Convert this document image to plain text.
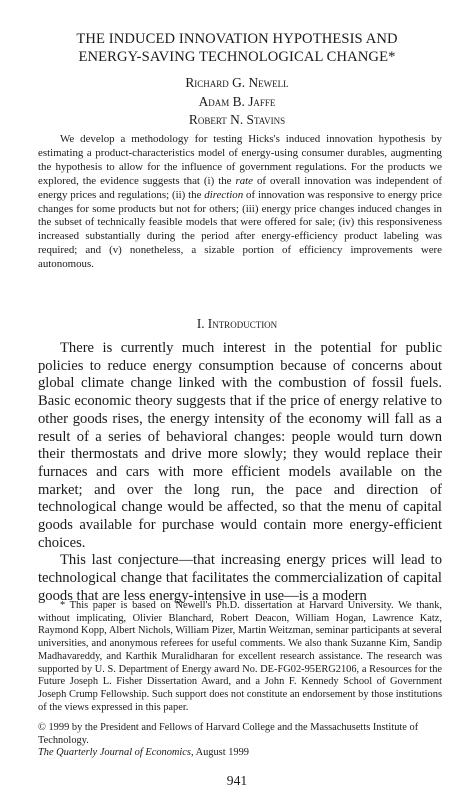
THE INDUCED INNOVATION HYPOTHESIS AND
ENERGY-SAVING TECHNOLOGICAL CHANGE*
Richard G. Newell
Adam B. Jaffe
Robert N. Stavins

We develop a methodology for testing Hicks's induced innovation hypothesis by estimating a product-characteristics model of energy-using consumer durables, augmenting the hypothesis to allow for the influence of government regulations. For the products we explored, the evidence suggests that (i) the rate of overall innovation was independent of energy prices and regulations; (ii) the direction of innovation was responsive to energy price changes for some products but not for others; (iii) energy price changes induced changes in the subset of technically feasible models that were offered for sale; (iv) this responsiveness increased substantially during the period after energy-efficiency product labeling was required; and (v) nonetheless, a sizable portion of efficiency improvements were autonomous.

I. Introduction

There is currently much interest in the potential for public policies to reduce energy consumption because of concerns about global climate change linked with the combustion of fossil fuels. Basic economic theory suggests that if the price of energy relative to other goods rises, the energy intensity of the economy will fall as a result of a series of behavioral changes: people would turn down their thermostats and drive more slowly; they would replace their furnaces and cars with more efficient models available on the market; and over the long run, the pace and direction of technological change would be affected, so that the menu of capital goods available for purchase would contain more energy-efficient choices.

This last conjecture—that increasing energy prices will lead to technological change that facilitates the commercialization of capital goods that are less energy-intensive in use—is a modern

* This paper is based on Newell's Ph.D. dissertation at Harvard University. We thank, without implicating, Olivier Blanchard, Robert Deacon, William Hogan, Lawrence Katz, Raymond Kopp, Albert Nichols, William Pizer, Martin Weitzman, seminar participants at several universities, and anonymous referees for useful comments. We also thank Suzanne Kim, Sandip Madhavareddy, and Karthik Muralidharan for excellent research assistance. The research was supported by U. S. Department of Energy award No. DE-FG02-95ERG2106, a Resources for the Future Joseph L. Fisher Dissertation Award, and a John F. Kennedy School of Government Joseph Crump Fellowship. Such support does not constitute an endorsement by those institutions of the views expressed in this paper.

© 1999 by the President and Fellows of Harvard College and the Massachusetts Institute of Technology.

The Quarterly Journal of Economics, August 1999

941
